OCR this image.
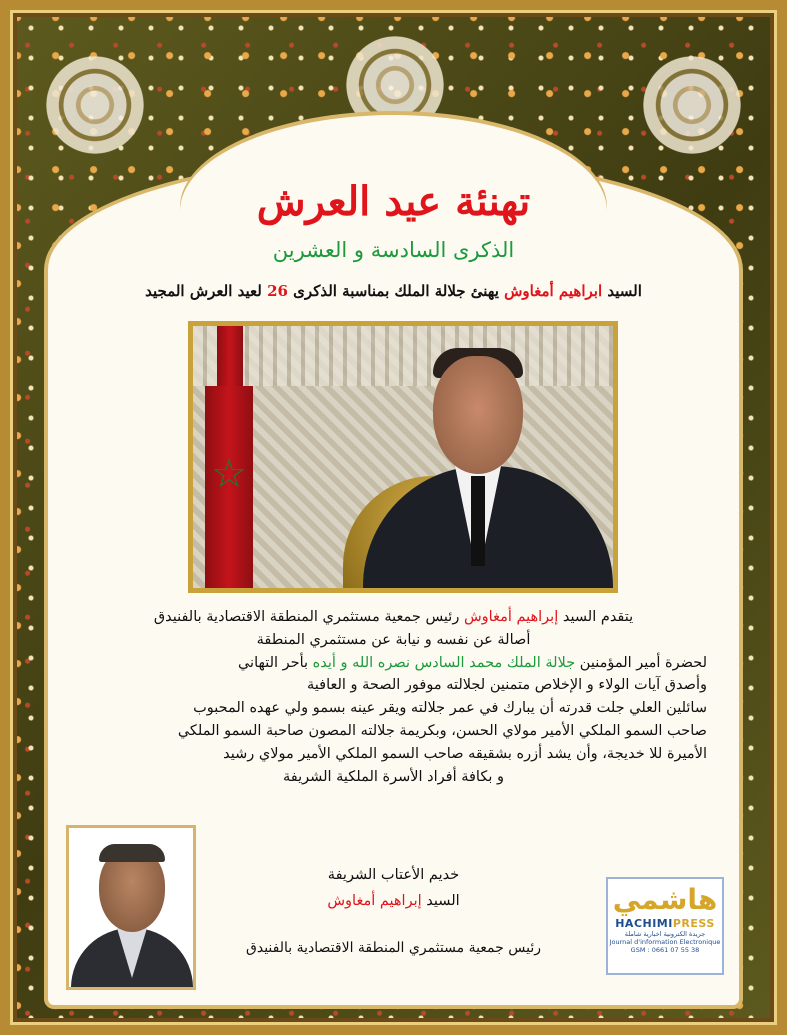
تهنئة عيد العرش
الذكرى السادسة و العشرين
السيد ابراهيم أمغاوش يهنئ جلالة الملك بمناسبة الذكرى 26 لعيد العرش المجيد
☆

يتقدم السيد إبراهيم أمغاوش رئيس جمعية مستثمري المنطقة الاقتصادية بالفنيدق

أصالة عن نفسه و نيابة عن مستثمري المنطقة

لحضرة أمير المؤمنين جلالة الملك محمد السادس نصره الله و أيده بأحر التهاني

وأصدق آيات الولاء و الإخلاص متمنين لجلالته موفور الصحة و العافية

سائلين العلي جلت قدرته أن يبارك في عمر جلالته ويقر عينه بسمو ولي عهده المحبوب

صاحب السمو الملكي الأمير مولاي الحسن، وبكريمة جلالته المصون صاحبة السمو الملكي

الأميرة للا خديجة، وأن يشد أزره بشقيقه صاحب السمو الملكي الأمير مولاي رشيد

و بكافة أفراد الأسرة الملكية الشريفة

خديم الأعتاب الشريفة
السيد إبراهيم أمغاوش
رئيس جمعية مستثمري المنطقة الاقتصادية بالفنيدق
هاشمي
HACHIMIPRESS
جريدة الكترونية اخبارية شاملة
Journal d'information Electronique
GSM : 0661 07 55 38
